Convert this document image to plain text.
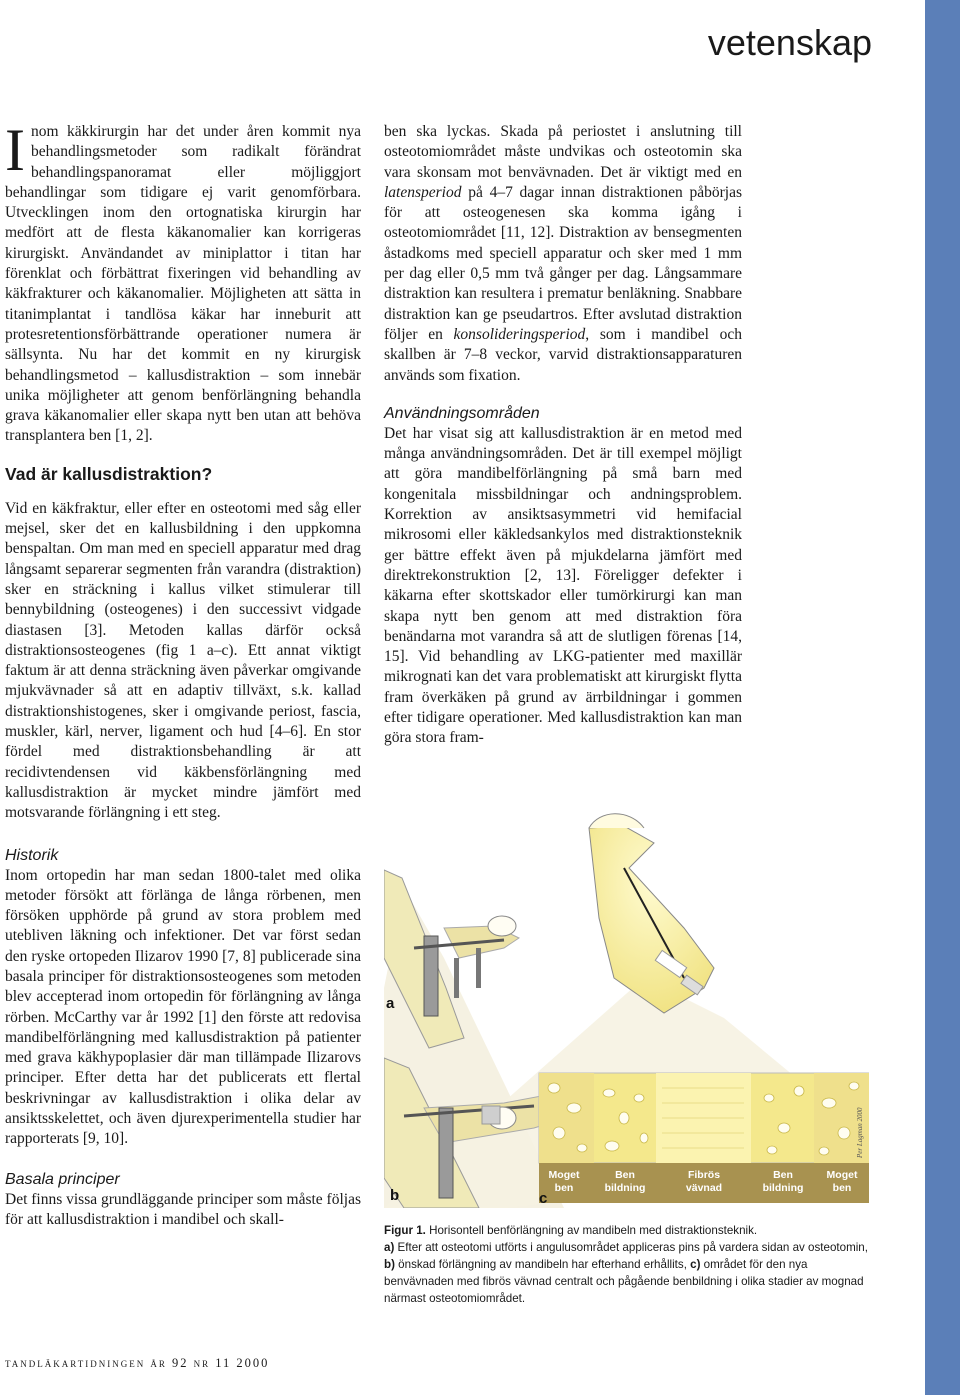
vetenskap

Inom käkkirurgin har det under åren kommit nya behandlingsmetoder som radikalt förändrat behandlingspanoramat eller möjliggjort behandlingar som tidigare ej varit genomförbara. Utvecklingen inom den ortognatiska kirurgin har medfört att de flesta käkanomalier kan korrigeras kirurgiskt. Användandet av miniplattor i titan har förenklat och förbättrat fixeringen vid behandling av käkfrakturer och käkanomalier. Möjligheten att sätta in titanimplantat i tandlösa käkar har inneburit att protesretentionsförbättrande operationer numera är sällsynta. Nu har det kommit en ny kirurgisk behandlingsmetod – kallusdistraktion – som innebär unika möjligheter att genom benförlängning behandla grava käkanomalier eller skapa nytt ben utan att behöva transplantera ben [1, 2].

Vad är kallusdistraktion?

Vid en käkfraktur, eller efter en osteotomi med såg eller mejsel, sker det en kallusbildning i den uppkomna benspaltan. Om man med en speciell apparatur med drag långsamt separerar segmenten från varandra (distraktion) sker en sträckning i kallus vilket stimulerar till bennybildning (osteogenes) i den successivt vidgade diastasen [3]. Metoden kallas därför också distraktionsosteogenes (fig 1 a–c). Ett annat viktigt faktum är att denna sträckning även påverkar omgivande mjukvävnader så att en adaptiv tillväxt, s.k. kallad distraktionshistogenes, sker i omgivande periost, fascia, muskler, kärl, nerver, ligament och hud [4–6]. En stor fördel med distraktionsbehandling är att recidivtendensen vid käkbensförlängning med kallusdistraktion är mycket mindre jämfört med motsvarande förlängning i ett steg.

Historik

Inom ortopedin har man sedan 1800-talet med olika metoder försökt att förlänga de långa rörbenen, men försöken upphörde på grund av stora problem med utebliven läkning och infektioner. Det var först sedan den ryske ortopeden Ilizarov 1990 [7, 8] publicerade sina basala principer för distraktionsosteogenes som metoden blev accepterad inom ortopedin för förlängning av långa rörben. McCarthy var år 1992 [1] den förste att redovisa mandibelförlängning med kallusdistraktion på patienter med grava käkhypoplasier där man tillämpade Ilizarovs principer. Efter detta har det publicerats ett flertal beskrivningar av kallusdistraktion i olika delar av ansiktsskelettet, och även djurexperimentella studier har rapporterats [9, 10].

Basala principer

Det finns vissa grundläggande principer som måste följas för att kallusdistraktion i mandibel och skall-

ben ska lyckas. Skada på periostet i anslutning till osteotomiområdet måste undvikas och osteotomin ska vara skonsam mot benvävnaden. Det är viktigt med en latensperiod på 4–7 dagar innan distraktionen påbörjas för att osteogenesen ska komma igång i osteotomiområdet [11, 12]. Distraktion av bensegmenten åstadkoms med speciell apparatur och sker med 1 mm per dag eller 0,5 mm två gånger per dag. Långsammare distraktion kan resultera i prematur benläkning. Snabbare distraktion kan ge pseudartros. Efter avslutad distraktion följer en konsolideringsperiod, som i mandibel och skallben är 7–8 veckor, varvid distraktionsapparaturen används som fixation.

Användningsområden

Det har visat sig att kallusdistraktion är en metod med många användningsområden. Det är till exempel möjligt att göra mandibelförlängning på små barn med kongenitala missbildningar och andningsproblem. Korrektion av ansiktsasymmetri vid hemifacial mikrosomi eller käkledsankylos med distraktionsteknik ger bättre effekt även på mjukdelarna jämfört med direktrekonstruktion [2, 13]. Föreligger defekter i käkarna efter skottskador eller tumörkirurgi kan man skapa nytt ben genom att med distraktion föra benändarna mot varandra så att de slutligen förenas [14, 15]. Vid behandling av LKG-patienter med maxillär mikrognati kan det vara problematiskt att kirurgiskt flytta fram överkäken på grund av ärrbildningar i gommen efter tidigare operationer. Med kallusdistraktion kan man göra stora fram-

a
b
Moget ben
Ben bildning
Fibrös vävnad
Ben bildning
Moget ben
c
Per Lagman 2000
Figur 1. Horisontell benförlängning av mandibeln med distraktionsteknik.
a) Efter att osteotomi utförts i angulusområdet appliceras pins på vardera sidan av osteotomin, b) önskad förlängning av mandibeln har efterhand erhållits, c) området för den nya benvävnaden med fibrös vävnad centralt och pågående benbildning i olika stadier av mognad närmast osteotomiområdet.
tandläkartidningen år 92 nr 11 2000
